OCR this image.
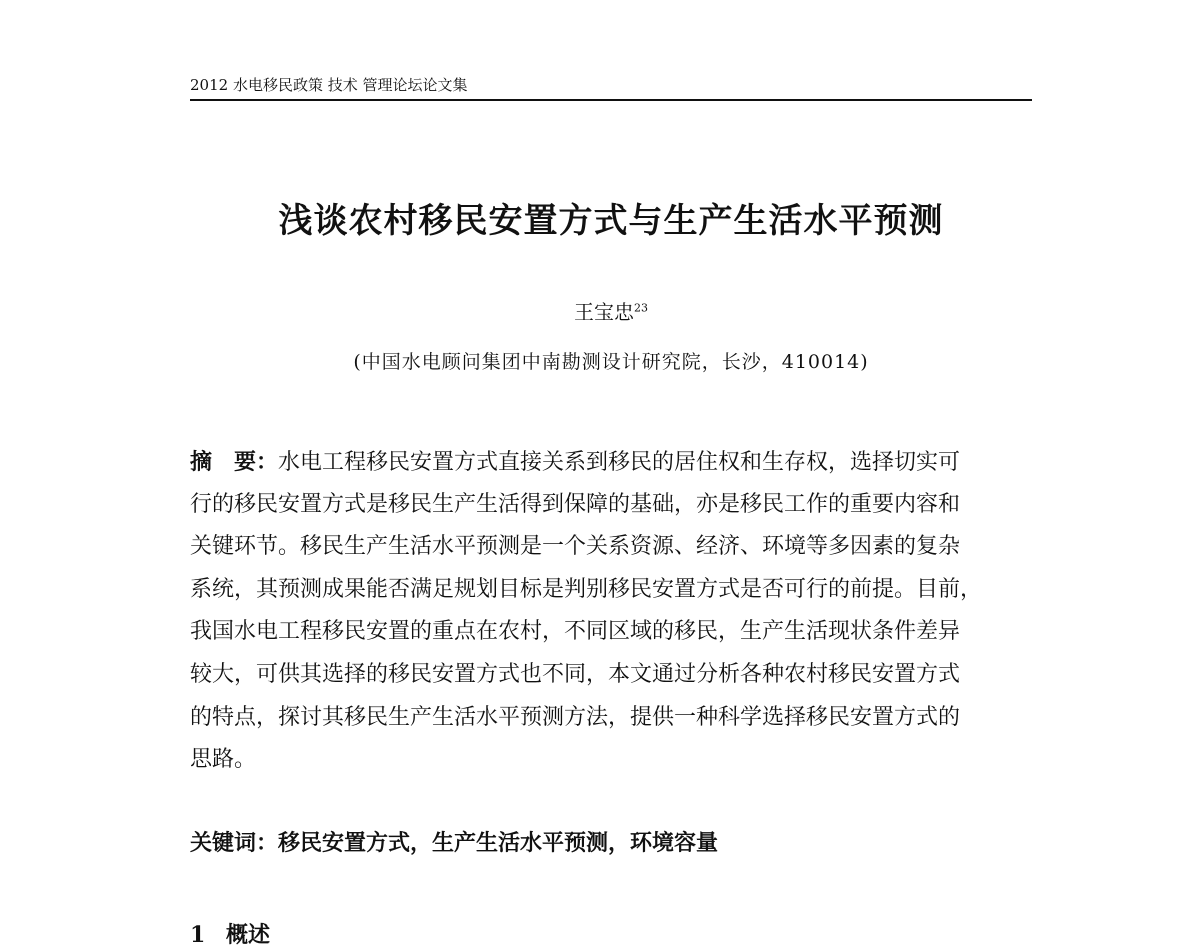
2012 水电移民政策 技术 管理论坛论文集
浅谈农村移民安置方式与生产生活水平预测
王宝忠$^{23}$
(中国水电顾问集团中南勘测设计研究院，长沙，410014)
摘　要：水电工程移民安置方式直接关系到移民的居住权和生存权，选择切实可
行的移民安置方式是移民生产生活得到保障的基础，亦是移民工作的重要内容和
关键环节。移民生产生活水平预测是一个关系资源、经济、环境等多因素的复杂
系统，其预测成果能否满足规划目标是判别移民安置方式是否可行的前提。目前，
我国水电工程移民安置的重点在农村，不同区域的移民，生产生活现状条件差异
较大，可供其选择的移民安置方式也不同，本文通过分析各种农村移民安置方式
的特点，探讨其移民生产生活水平预测方法，提供一种科学选择移民安置方式的
思路。
关键词：移民安置方式，生产生活水平预测，环境容量
1 概述
